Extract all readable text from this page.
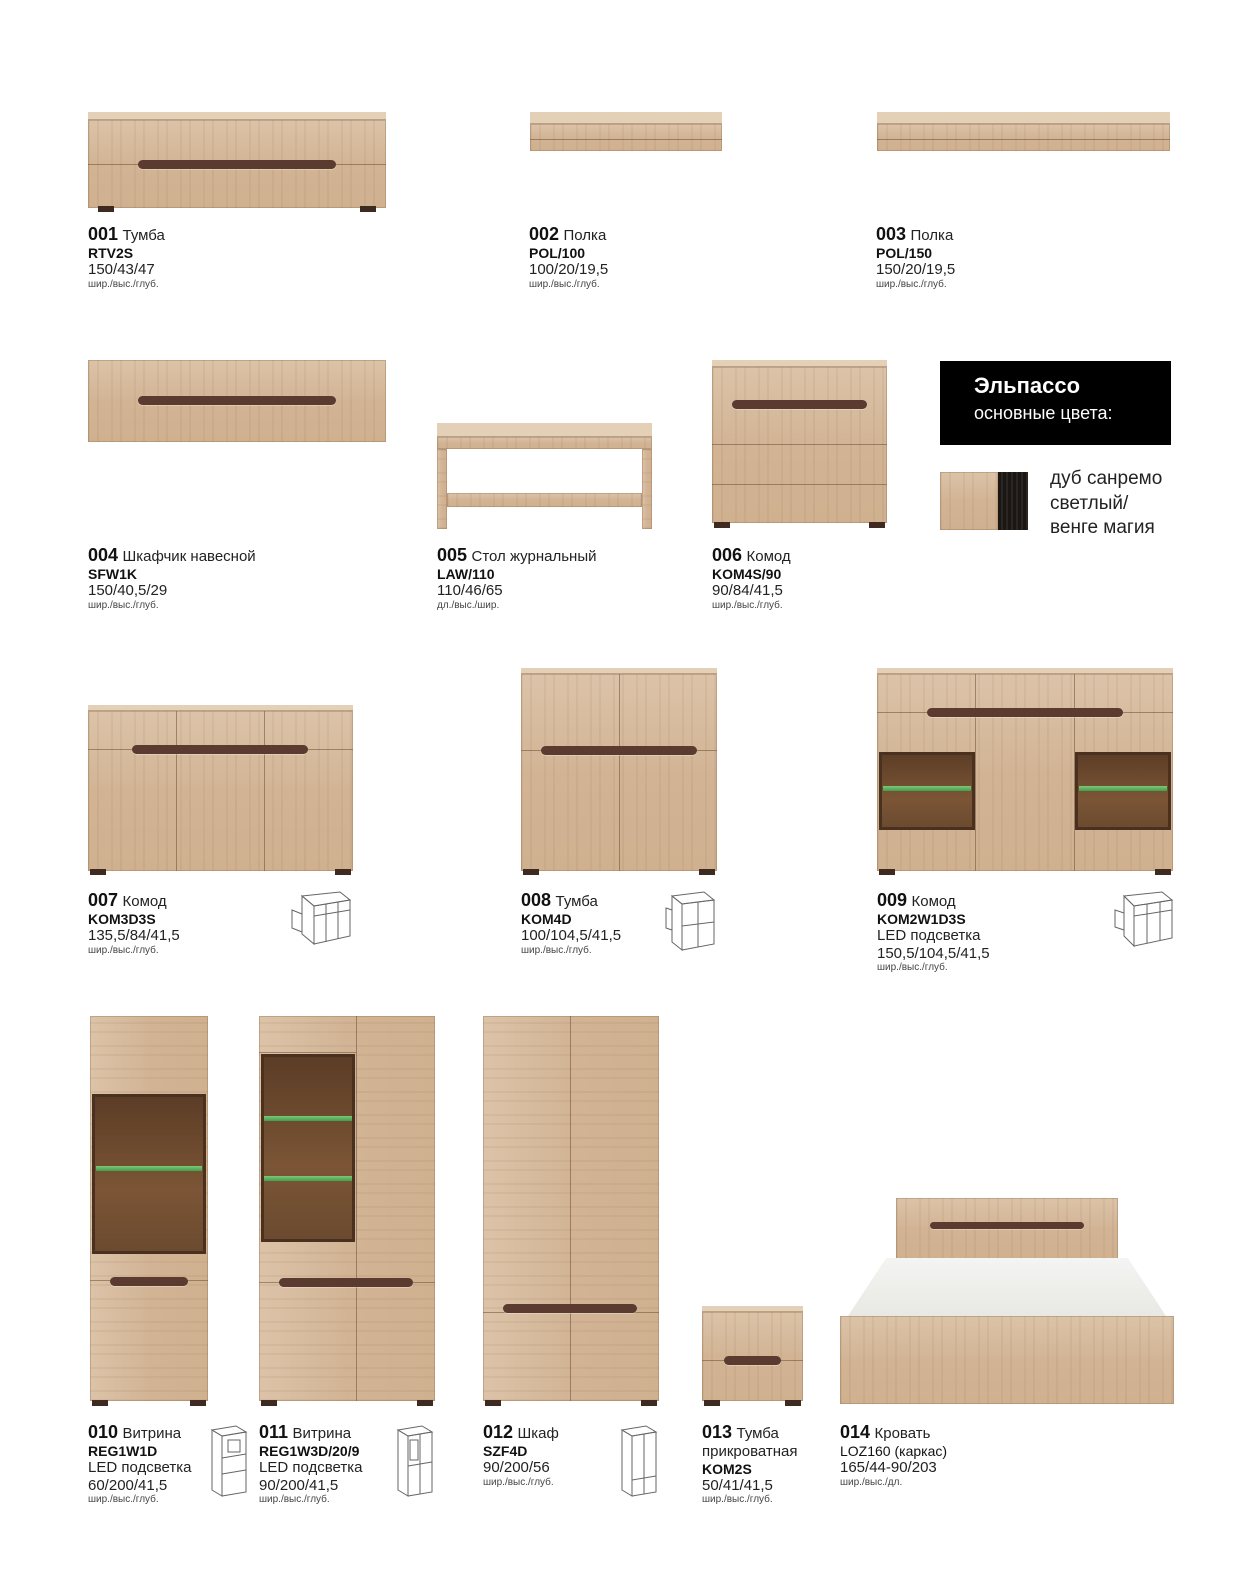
001 Тумба
RTV2S
150/43/47
шир./выс./глуб.
002 Полка
POL/100
100/20/19,5
шир./выс./глуб.
003 Полка
POL/150
150/20/19,5
шир./выс./глуб.
004 Шкафчик навесной
SFW1K
150/40,5/29
шир./выс./глуб.
005 Стол журнальный
LAW/110
110/46/65
дл./выс./шир.
006 Комод
KOM4S/90
90/84/41,5
шир./выс./глуб.
Эльпассо
основные цвета:
дуб санремо
светлый/
венге магия
007 Комод
KOM3D3S
135,5/84/41,5
шир./выс./глуб.
008 Тумба
KOM4D
100/104,5/41,5
шир./выс./глуб.
009 Комод
KOM2W1D3S
LED подсветка
150,5/104,5/41,5
шир./выс./глуб.
010 Витрина
REG1W1D
LED подсветка
60/200/41,5
шир./выс./глуб.
011 Витрина
REG1W3D/20/9
LED подсветка
90/200/41,5
шир./выс./глуб.
012 Шкаф
SZF4D
90/200/56
шир./выс./глуб.
013 Тумба
прикроватная
KOM2S
50/41/41,5
шир./выс./глуб.
014 Кровать
LOZ160 (каркас)
165/44-90/203
шир./выс./дл.
